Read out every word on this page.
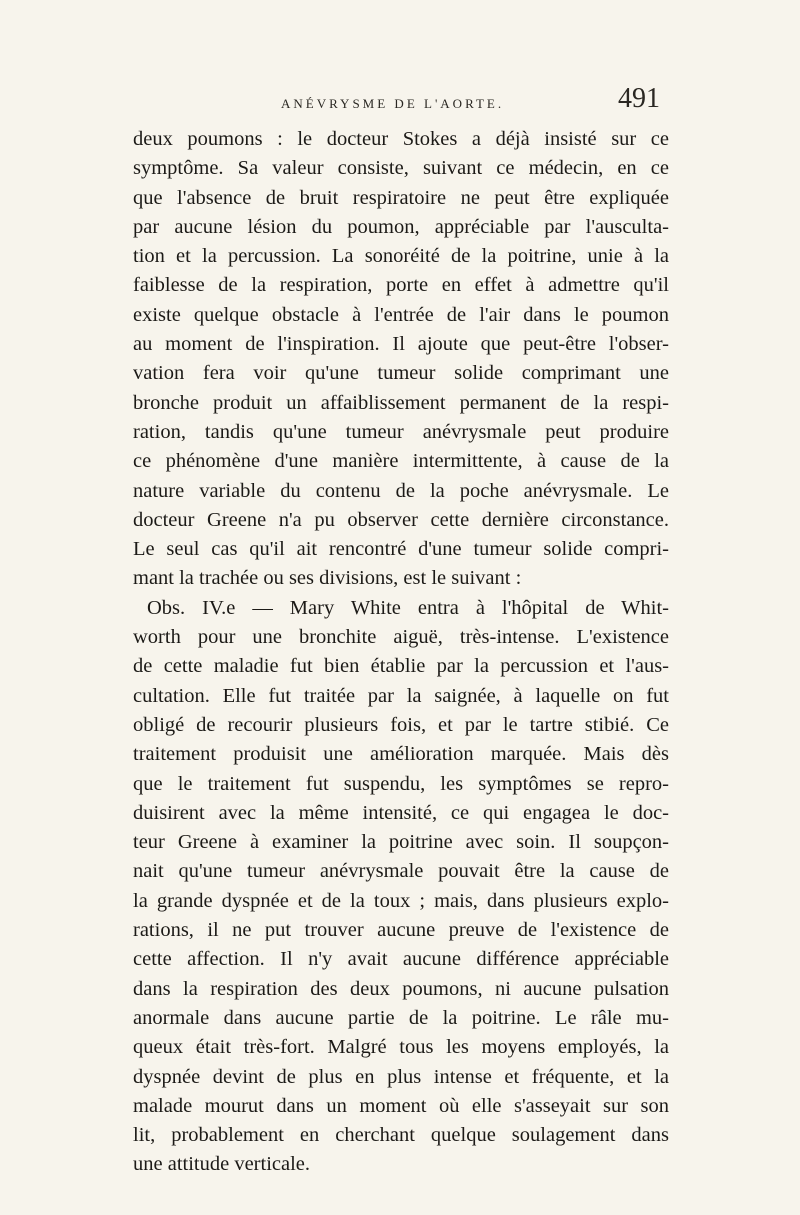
ANÉVRYSME DE L'AORTE.	491
deux poumons : le docteur Stokes a déjà insisté sur ce
symptôme. Sa valeur consiste, suivant ce médecin, en ce
que l'absence de bruit respiratoire ne peut être expliquée
par aucune lésion du poumon, appréciable par l'ausculta-
tion et la percussion. La sonoréité de la poitrine, unie à la
faiblesse de la respiration, porte en effet à admettre qu'il
existe quelque obstacle à l'entrée de l'air dans le poumon
au moment de l'inspiration. Il ajoute que peut-être l'obser-
vation fera voir qu'une tumeur solide comprimant une
bronche produit un affaiblissement permanent de la respi-
ration, tandis qu'une tumeur anévrysmale peut produire
ce phénomène d'une manière intermittente, à cause de la
nature variable du contenu de la poche anévrysmale. Le
docteur Greene n'a pu observer cette dernière circonstance.
Le seul cas qu'il ait rencontré d'une tumeur solide compri-
mant la trachée ou ses divisions, est le suivant :
Obs. IV.e — Mary White entra à l'hôpital de Whit-
worth pour une bronchite aiguë, très-intense. L'existence
de cette maladie fut bien établie par la percussion et l'aus-
cultation. Elle fut traitée par la saignée, à laquelle on fut
obligé de recourir plusieurs fois, et par le tartre stibié. Ce
traitement produisit une amélioration marquée. Mais dès
que le traitement fut suspendu, les symptômes se repro-
duisirent avec la même intensité, ce qui engagea le doc-
teur Greene à examiner la poitrine avec soin. Il soupçon-
nait qu'une tumeur anévrysmale pouvait être la cause de
la grande dyspnée et de la toux ; mais, dans plusieurs explo-
rations, il ne put trouver aucune preuve de l'existence de
cette affection. Il n'y avait aucune différence appréciable
dans la respiration des deux poumons, ni aucune pulsation
anormale dans aucune partie de la poitrine. Le râle mu-
queux était très-fort. Malgré tous les moyens employés, la
dyspnée devint de plus en plus intense et fréquente, et la
malade mourut dans un moment où elle s'asseyait sur son
lit, probablement en cherchant quelque soulagement dans
une attitude verticale.
